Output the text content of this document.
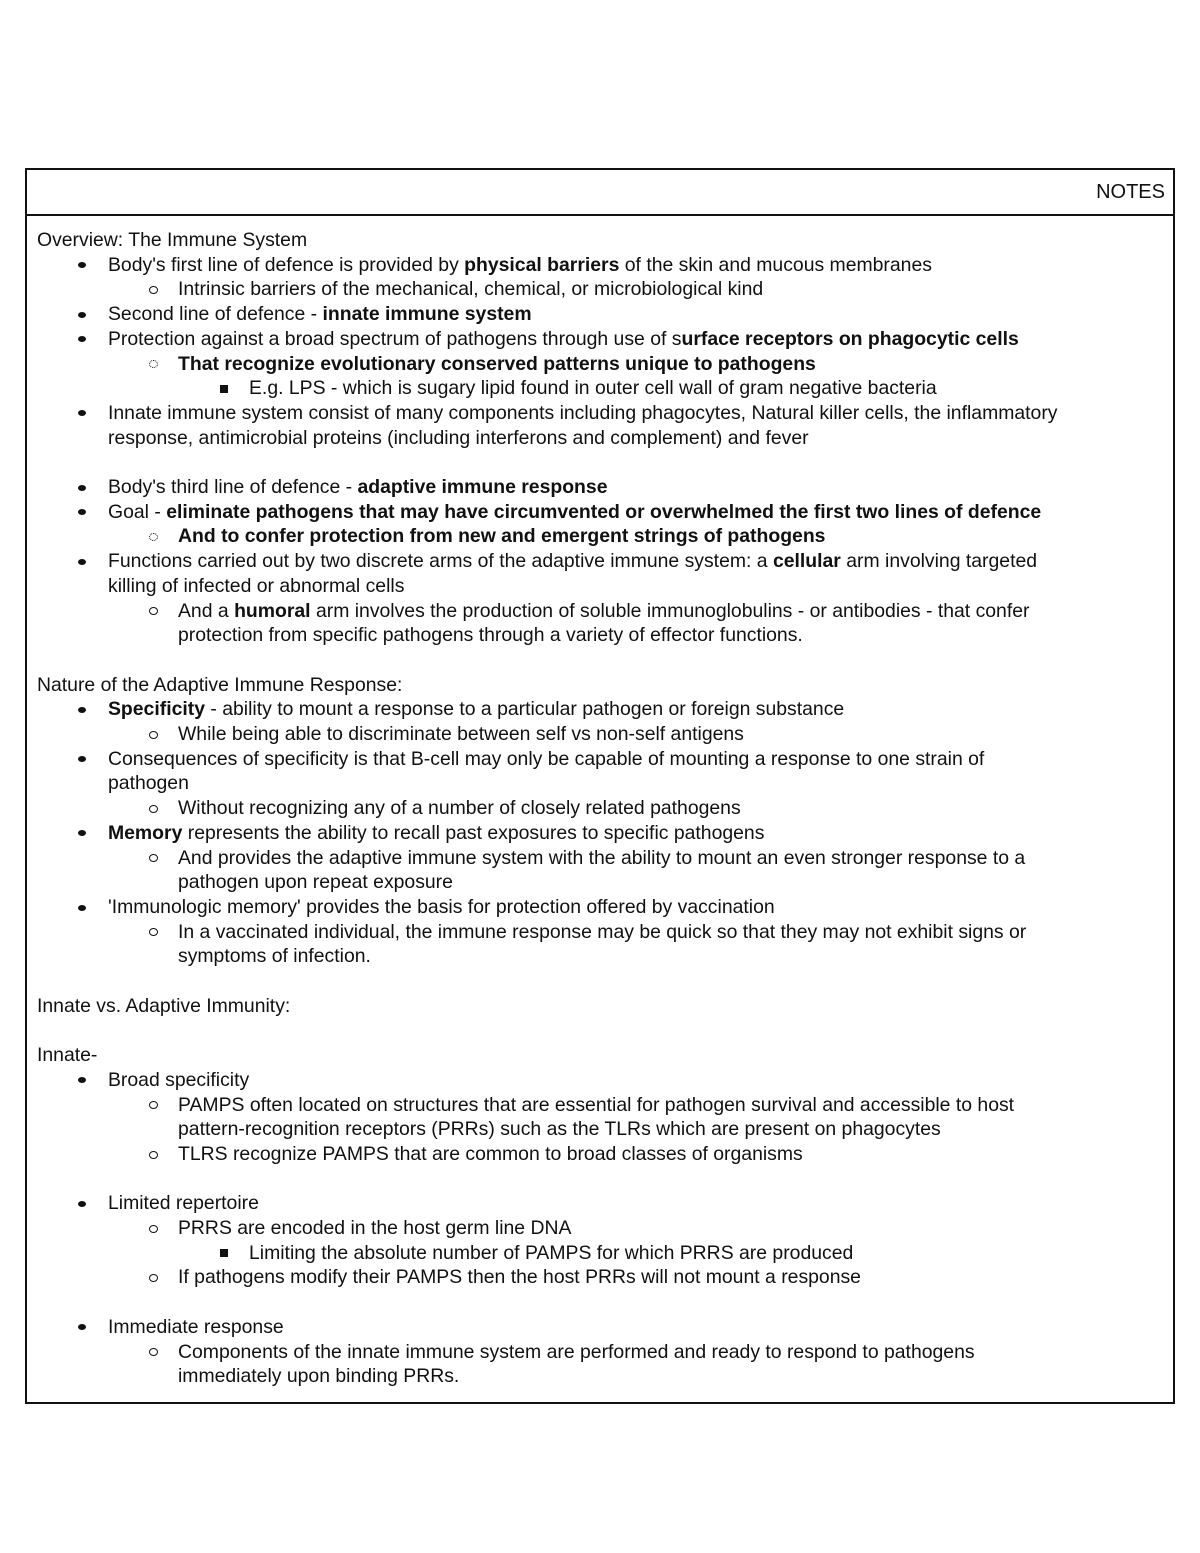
NOTES
Overview: The Immune System
Body's first line of defence is provided by physical barriers of the skin and mucous membranes
Intrinsic barriers of the mechanical, chemical, or microbiological kind
Second line of defence - innate immune system
Protection against a broad spectrum of pathogens through use of surface receptors on phagocytic cells
That recognize evolutionary conserved patterns unique to pathogens
E.g. LPS - which is sugary lipid found in outer cell wall of gram negative bacteria
Innate immune system consist of many components including phagocytes, Natural killer cells, the inflammatory
response, antimicrobial proteins (including interferons and complement) and fever
Body's third line of defence - adaptive immune response
Goal - eliminate pathogens that may have circumvented or overwhelmed the first two lines of defence
And to confer protection from new and emergent strings of pathogens
Functions carried out by two discrete arms of the adaptive immune system: a cellular arm involving targeted
killing of infected or abnormal cells
And a humoral arm involves the production of soluble immunoglobulins - or antibodies - that confer
protection from specific pathogens through a variety of effector functions.
Nature of the Adaptive Immune Response:
Specificity - ability to mount a response to a particular pathogen or foreign substance
While being able to discriminate between self vs non-self antigens
Consequences of specificity is that B-cell may only be capable of mounting a response to one strain of
pathogen
Without recognizing any of a number of closely related pathogens
Memory represents the ability to recall past exposures to specific pathogens
And provides the adaptive immune system with the ability to mount an even stronger response to a
pathogen upon repeat exposure
'Immunologic memory' provides the basis for protection offered by vaccination
In a vaccinated individual, the immune response may be quick so that they may not exhibit signs or
symptoms of infection.
Innate vs. Adaptive Immunity:
Innate-
Broad specificity
PAMPS often located on structures that are essential for pathogen survival and accessible to host
pattern-recognition receptors (PRRs) such as the TLRs which are present on phagocytes
TLRS recognize PAMPS that are common to broad classes of organisms
Limited repertoire
PRRS are encoded in the host germ line DNA
Limiting the absolute number of PAMPS for which PRRS are produced
If pathogens modify their PAMPS then the host PRRs will not mount a response
Immediate response
Components of the innate immune system are performed and ready to respond to pathogens
immediately upon binding PRRs.
